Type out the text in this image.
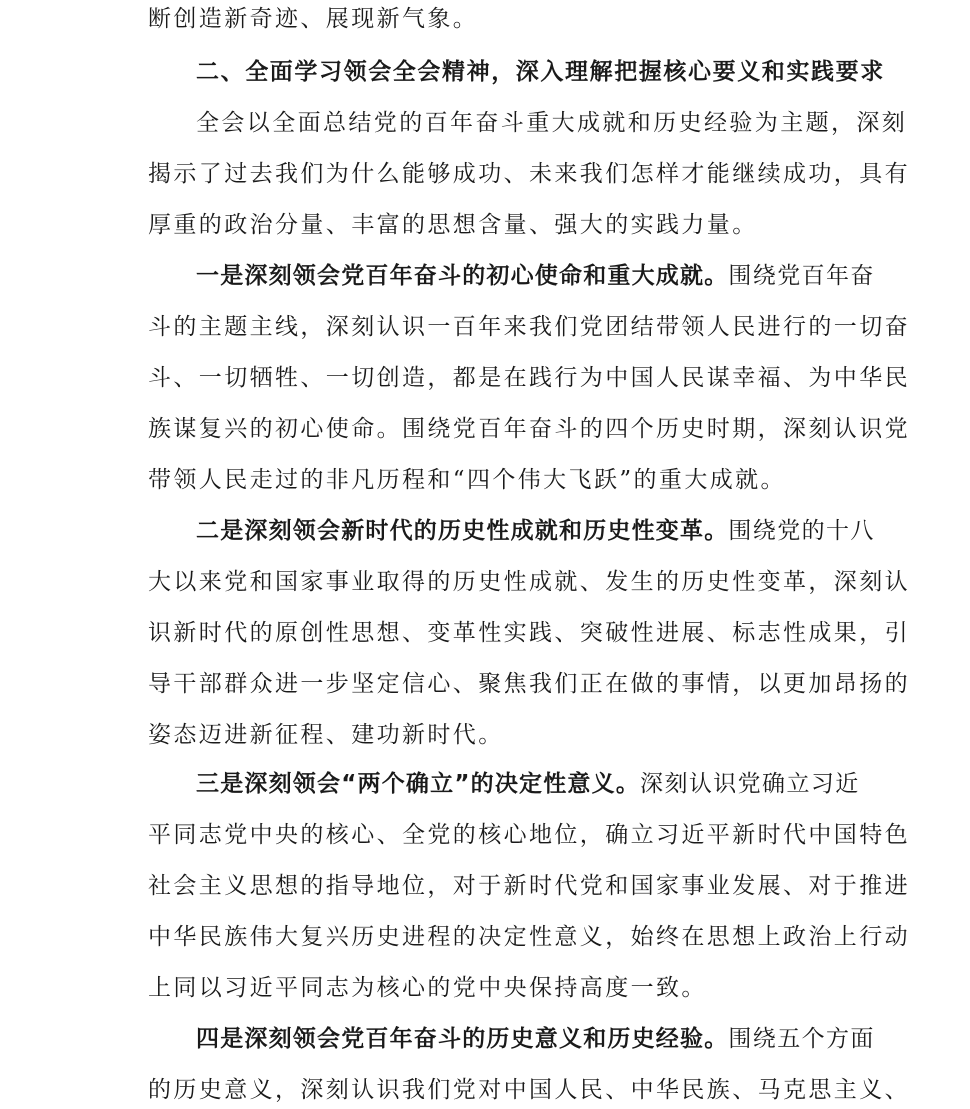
断创造新奇迹、展现新气象。
二、全面学习领会全会精神，深入理解把握核心要义和实践要求
全会以全面总结党的百年奋斗重大成就和历史经验为主题，深刻
揭示了过去我们为什么能够成功、未来我们怎样才能继续成功，具有
厚重的政治分量、丰富的思想含量、强大的实践力量。
一是深刻领会党百年奋斗的初心使命和重大成就。围绕党百年奋
斗的主题主线，深刻认识一百年来我们党团结带领人民进行的一切奋
斗、一切牺牲、一切创造，都是在践行为中国人民谋幸福、为中华民
族谋复兴的初心使命。围绕党百年奋斗的四个历史时期，深刻认识党
带领人民走过的非凡历程和“四个伟大飞跃”的重大成就。
二是深刻领会新时代的历史性成就和历史性变革。围绕党的十八
大以来党和国家事业取得的历史性成就、发生的历史性变革，深刻认
识新时代的原创性思想、变革性实践、突破性进展、标志性成果，引
导干部群众进一步坚定信心、聚焦我们正在做的事情，以更加昂扬的
姿态迈进新征程、建功新时代。
三是深刻领会“两个确立”的决定性意义。深刻认识党确立习近
平同志党中央的核心、全党的核心地位，确立习近平新时代中国特色
社会主义思想的指导地位，对于新时代党和国家事业发展、对于推进
中华民族伟大复兴历史进程的决定性意义，始终在思想上政治上行动
上同以习近平同志为核心的党中央保持高度一致。
四是深刻领会党百年奋斗的历史意义和历史经验。围绕五个方面
的历史意义，深刻认识我们党对中国人民、中华民族、马克思主义、
